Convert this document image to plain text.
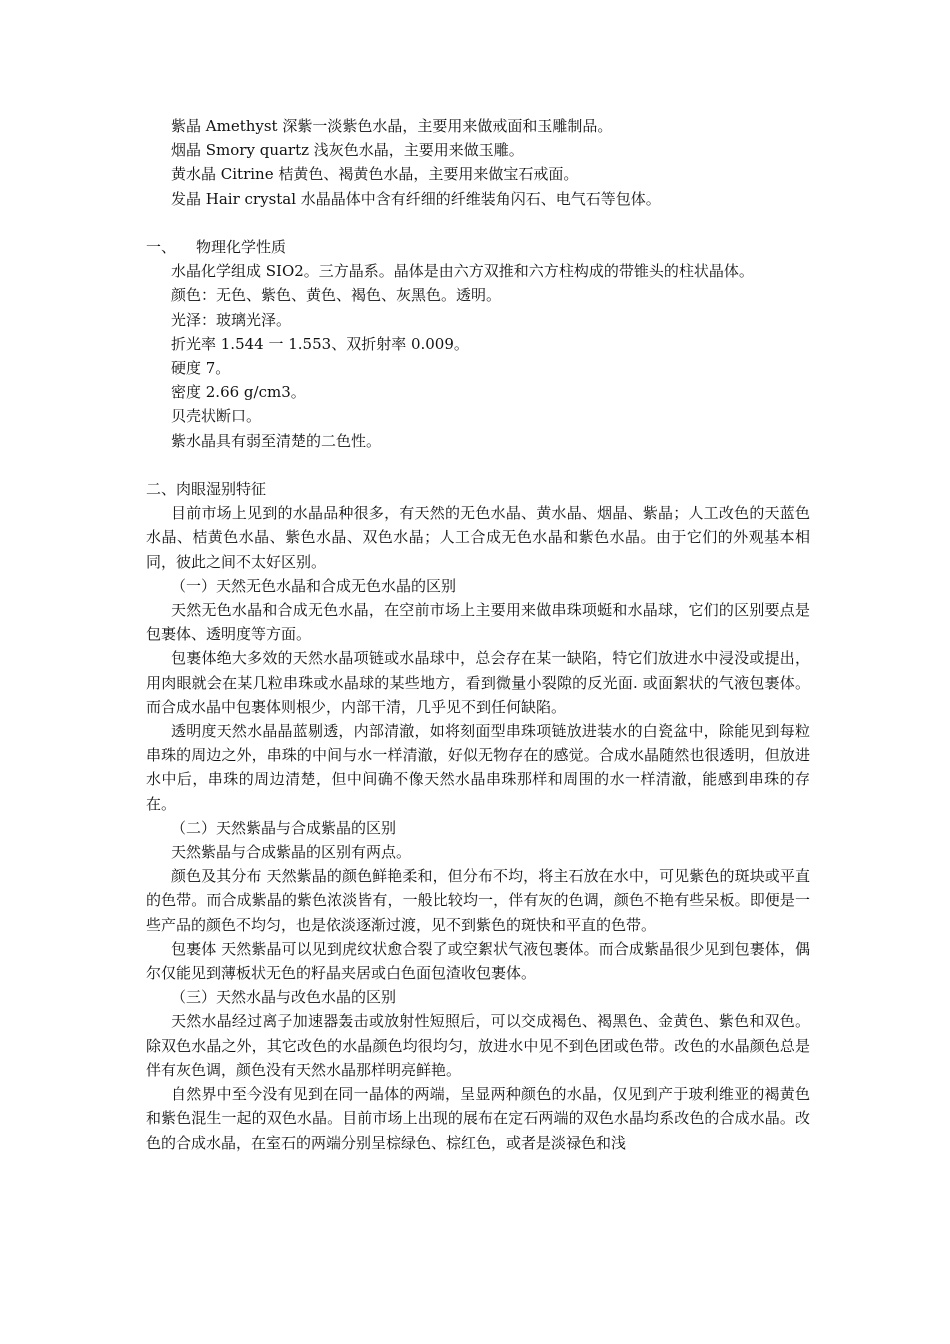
紫晶 Amethyst 深紫一淡紫色水晶，主要用来做戒面和玉雕制品。
烟晶 Smory quartz 浅灰色水晶，主要用来做玉雕。
黄水晶 Citrine 桔黄色、褐黄色水晶，主要用来做宝石戒面。
发晶 Hair crystal 水晶晶体中含有纤细的纤维装角闪石、电气石等包体。
一、 物理化学性质
水晶化学组成 SIO2。三方晶系。晶体是由六方双推和六方柱构成的带锥头的柱状晶体。
颜色：无色、紫色、黄色、褐色、灰黑色。透明。
光泽：玻璃光泽。
折光率 1.544 一 1.553、双折射率 0.009。
硬度 7。
密度 2.66 g/cm3。
贝壳状断口。
紫水晶具有弱至清楚的二色性。
二、肉眼湿别特征

目前市场上见到的水晶品种很多，有天然的无色水晶、黄水晶、烟晶、紫晶；人工改色的天蓝色水晶、桔黄色水晶、紫色水晶、双色水晶；人工合成无色水晶和紫色水晶。由于它们的外观基本相同，彼此之间不太好区别。

（一）天然无色水晶和合成无色水晶的区别

天然无色水晶和合成无色水晶，在空前市场上主要用来做串珠项蜓和水晶球，它们的区别要点是包裹体、透明度等方面。

包裹体绝大多效的天然水晶项链或水晶球中，总会存在某一缺陷，特它们放进水中浸没或提出，用肉眼就会在某几粒串珠或水晶球的某些地方，看到微量小裂隙的反光面. 或面絮状的气液包裹体。而合成水晶中包裹体则根少，内部干清，几乎见不到任何缺陷。

透明度天然水晶晶蓝剔透，内部清澈，如将刻面型串珠项链放进装水的白瓷盆中，除能见到每粒串珠的周边之外，串珠的中间与水一样清澈，好似无物存在的感觉。合成水晶随然也很透明，但放进水中后，串珠的周边清楚，但中间确不像天然水晶串珠那样和周围的水一样清澈，能感到串珠的存在。

（二）天然紫晶与合成紫晶的区别

天然紫晶与合成紫晶的区别有两点。

颜色及其分布 天然紫晶的颜色鲜艳柔和，但分布不均，将主石放在水中，可见紫色的斑块或平直的色带。而合成紫晶的紫色浓淡皆有，一般比较均一，伴有灰的色调，颜色不艳有些呆板。即便是一些产品的颜色不均匀，也是依淡逐渐过渡，见不到紫色的斑快和平直的色带。

包裹体 天然紫晶可以见到虎纹状愈合裂了或空絮状气液包裹体。而合成紫晶很少见到包裹体，偶尔仅能见到薄板状无色的籽晶夹居或白色面包渣收包裹体。

（三）天然水晶与改色水晶的区别

天然水晶经过离子加速器轰击或放射性短照后，可以交成褐色、褐黑色、金黄色、紫色和双色。除双色水晶之外，其它改色的水晶颜色均很均匀，放进水中见不到色团或色带。改色的水晶颜色总是伴有灰色调，颜色没有天然水晶那样明亮鲜艳。

自然界中至今没有见到在同一晶体的两端，呈显两种颜色的水晶，仅见到产于玻利维亚的褐黄色和紫色混生一起的双色水晶。目前市场上出现的展布在定石两端的双色水晶均系改色的合成水晶。改色的合成水晶，在室石的两端分别呈棕绿色、棕红色，或者是淡禄色和浅
